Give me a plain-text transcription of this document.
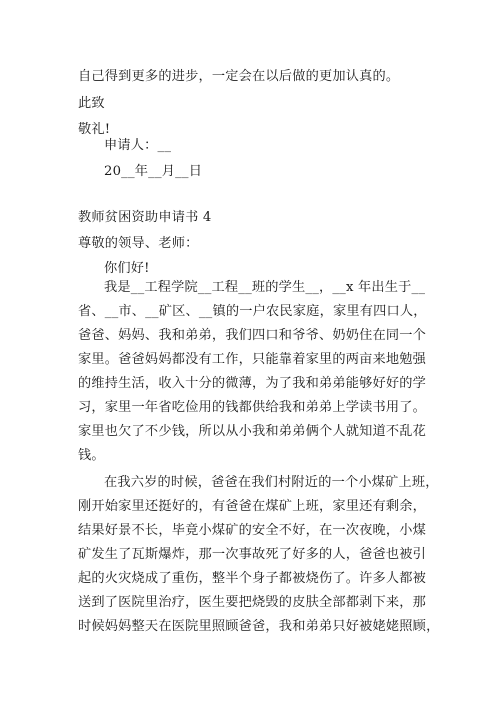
自己得到更多的进步，一定会在以后做的更加认真的。
此致
敬礼!
申请人：__
20__年__月__日
教师贫困资助申请书 4
尊敬的领导、老师：
你们好!
我是__工程学院__工程__班的学生__，__x 年出生于__
省、__市、__矿区、__镇的一户农民家庭，家里有四口人，
爸爸、妈妈、我和弟弟，我们四口和爷爷、奶奶住在同一个
家里。爸爸妈妈都没有工作，只能靠着家里的两亩来地勉强
的维持生活，收入十分的微薄，为了我和弟弟能够好好的学
习，家里一年省吃俭用的钱都供给我和弟弟上学读书用了。
家里也欠了不少钱，所以从小我和弟弟俩个人就知道不乱花
钱。
在我六岁的时候，爸爸在我们村附近的一个小煤矿上班，
刚开始家里还挺好的，有爸爸在煤矿上班，家里还有剩余，
结果好景不长，毕竟小煤矿的安全不好，在一次夜晚，小煤
矿发生了瓦斯爆炸，那一次事故死了好多的人，爸爸也被引
起的火灾烧成了重伤，整半个身子都被烧伤了。许多人都被
送到了医院里治疗，医生要把烧毁的皮肤全部都剥下来，那
时候妈妈整天在医院里照顾爸爸，我和弟弟只好被姥姥照顾，
